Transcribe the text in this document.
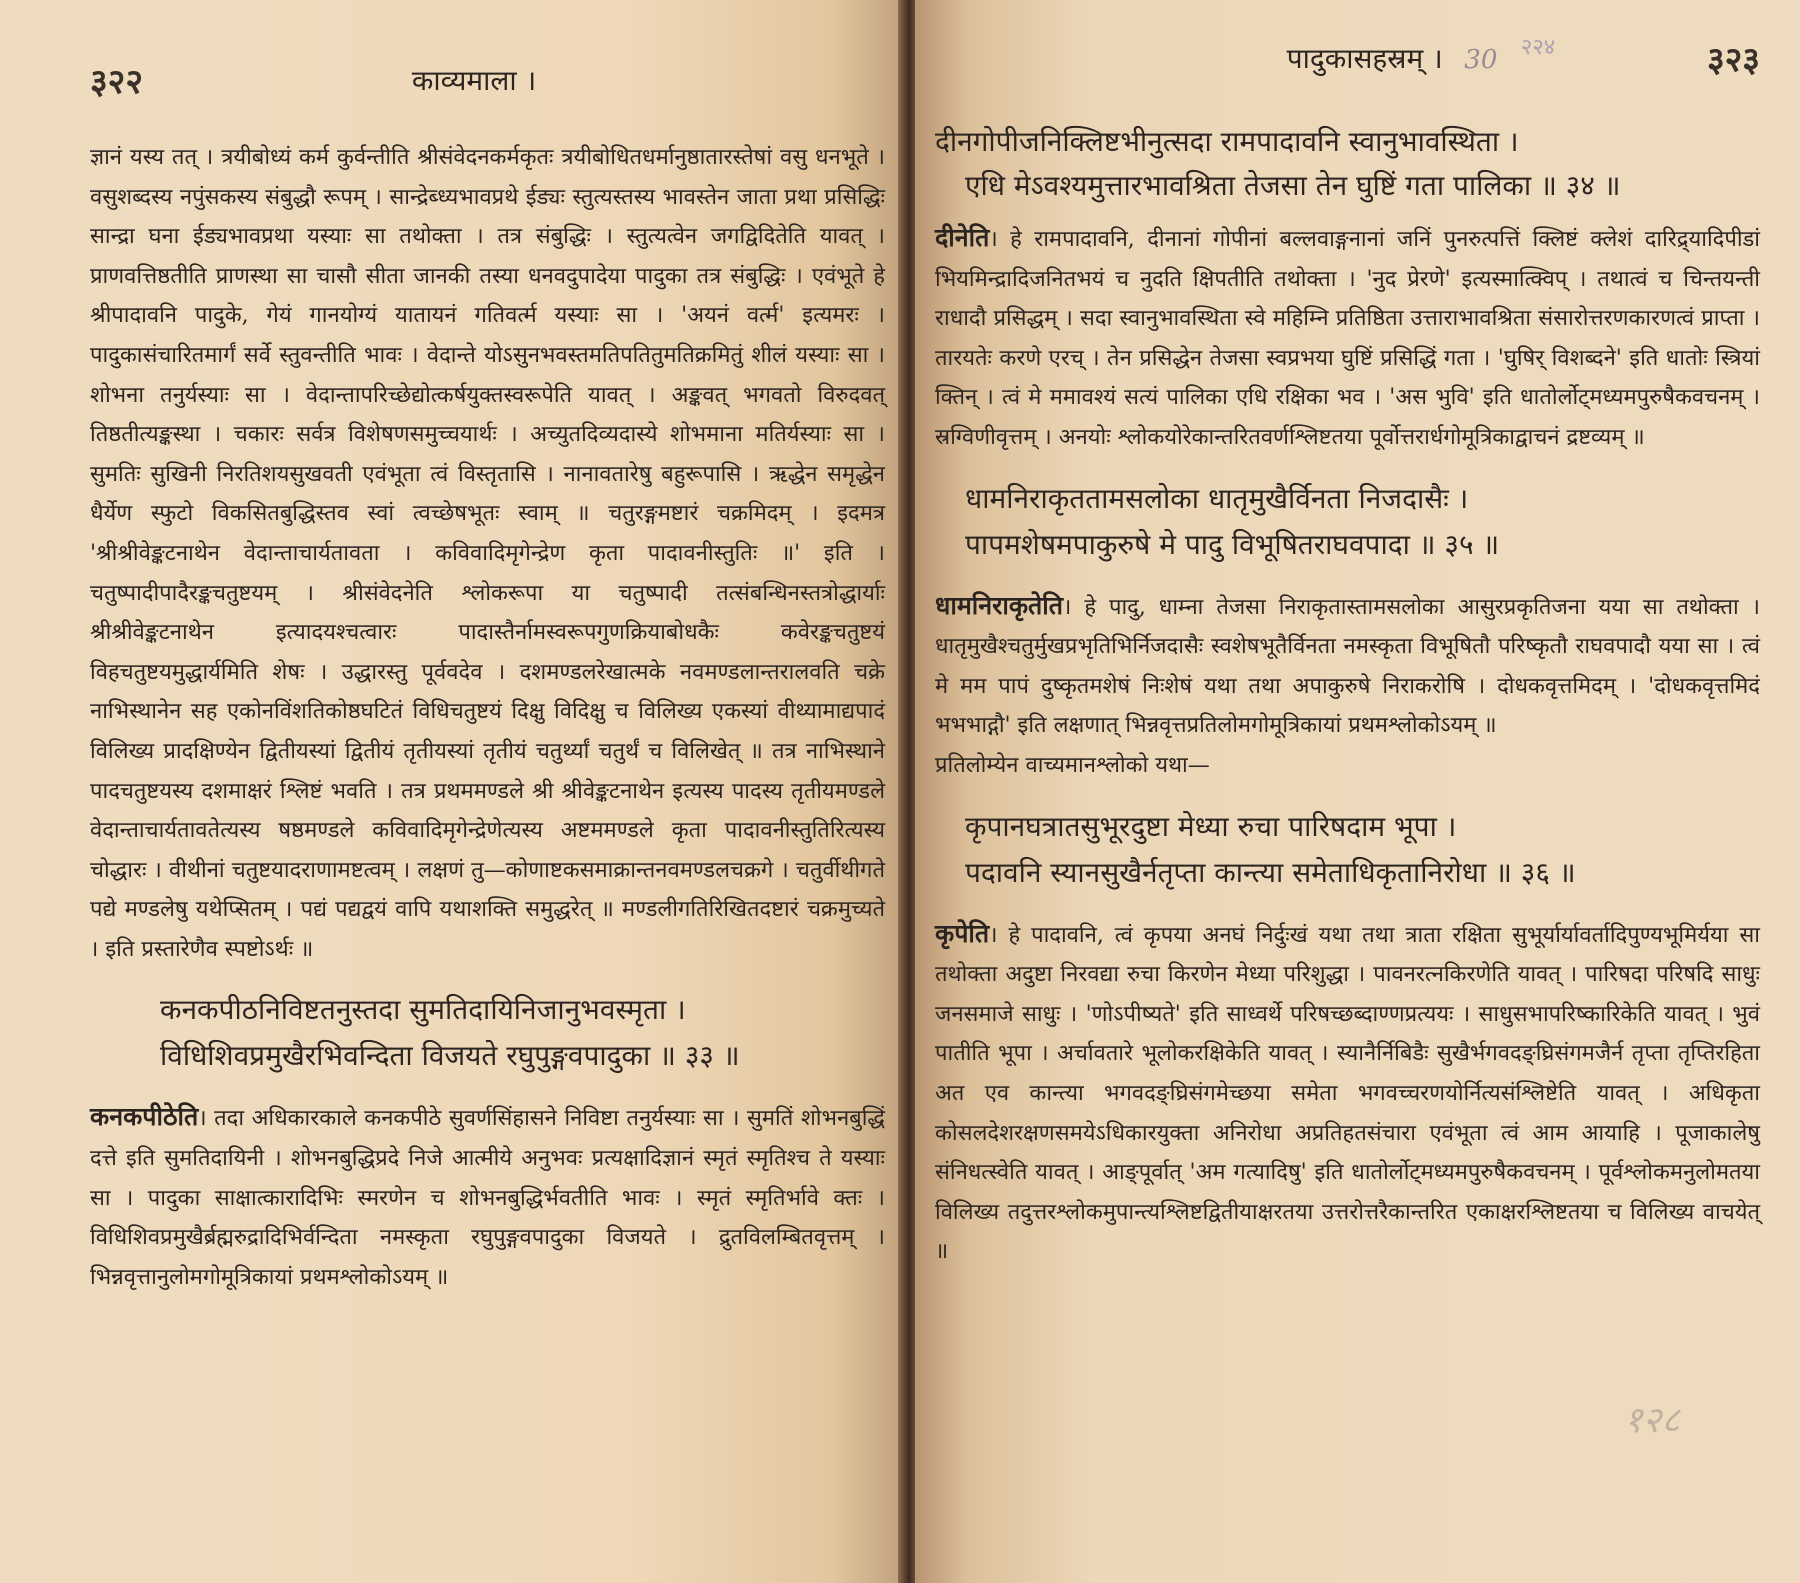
३२२	काव्यमाला ।

ज्ञानं यस्य तत् । त्रयीबोध्यं कर्म कुर्वन्तीति श्रीसंवेदनकर्मकृतः त्रयीबोधितधर्मानुष्ठातारस्तेषां वसु धनभूते । वसुशब्दस्य नपुंसकस्य संबुद्धौ रूपम् । सान्द्रेब्ध्यभावप्रथे ईड्यः स्तुत्यस्तस्य भावस्तेन जाता प्रथा प्रसिद्धिः सान्द्रा घना ईड्यभावप्रथा यस्याः सा तथोक्ता । तत्र संबुद्धिः । स्तुत्यत्वेन जगद्विदितेति यावत् । प्राणवत्तिष्ठतीति प्राणस्था सा चासौ सीता जानकी तस्या धनवदुपादेया पादुका तत्र संबुद्धिः । एवंभूते हे श्रीपादावनि पादुके, गेयं गानयोग्यं यातायनं गतिवर्त्म यस्याः सा । 'अयनं वर्त्म' इत्यमरः । पादुकासंचारितमार्गं सर्वे स्तुवन्तीति भावः । वेदान्ते योऽसुनभवस्तमतिपतितुमतिक्रमितुं शीलं यस्याः सा । शोभना तनुर्यस्याः सा । वेदान्तापरिच्छेद्योत्कर्षयुक्तस्वरूपेति यावत् । अङ्कवत् भगवतो विरुदवत् तिष्ठतीत्यङ्कस्था । चकारः सर्वत्र विशेषणसमुच्चयार्थः । अच्युतदिव्यदास्ये शोभमाना मतिर्यस्याः सा । सुमतिः सुखिनी निरतिशयसुखवती एवंभूता त्वं विस्तृतासि । नानावतारेषु बहुरूपासि । ऋद्धेन समृद्धेन धैर्येण स्फुटो विकसितबुद्धिस्तव स्वां त्वच्छेषभूतः स्वाम् ॥ चतुरङ्गमष्टारं चक्रमिदम् । इदमत्र 'श्रीश्रीवेङ्कटनाथेन वेदान्ताचार्यतावता । कविवादिमृगेन्द्रेण कृता पादावनीस्तुतिः ॥' इति । चतुष्पादीपादैरङ्कचतुष्टयम् । श्रीसंवेदनेति श्लोकरूपा या चतुष्पादी तत्संबन्धिनस्तत्रोद्धार्याः श्रीश्रीवेङ्कटनाथेन इत्यादयश्चत्वारः पादास्तैर्नामस्वरूपगुणक्रियाबोधकैः कवेरङ्कचतुष्टयं विहचतुष्टयमुद्धार्यमिति शेषः । उद्धारस्तु पूर्ववदेव । दशमण्डलरेखात्मके नवमण्डलान्तरालवति चक्रे नाभिस्थानेन सह एकोनविंशतिकोष्ठघटितं विधिचतुष्टयं दिक्षु विदिक्षु च विलिख्य एकस्यां वीथ्यामाद्यपादं विलिख्य प्रादक्षिण्येन द्वितीयस्यां द्वितीयं तृतीयस्यां तृतीयं चतुर्थ्यां चतुर्थं च विलिखेत् ॥ तत्र नाभिस्थाने पादचतुष्टयस्य दशमाक्षरं श्लिष्टं भवति । तत्र प्रथममण्डले श्री श्रीवेङ्कटनाथेन इत्यस्य पादस्य तृतीयमण्डले वेदान्ताचार्यतावतेत्यस्य षष्ठमण्डले कविवादिमृगेन्द्रेणेत्यस्य अष्टममण्डले कृता पादावनीस्तुतिरित्यस्य चोद्धारः । वीथीनां चतुष्टयादराणामष्टत्वम् । लक्षणं तु—कोणाष्टकसमाक्रान्तनवमण्डलचक्रगे । चतुर्वीथीगते पद्ये मण्डलेषु यथेप्सितम् । पद्यं पद्यद्वयं वापि यथाशक्ति समुद्धरेत् ॥ मण्डलीगतिरिखितदष्टारं चक्रमुच्यते । इति प्रस्तारेणैव स्पष्टोऽर्थः ॥

कनकपीठनिविष्टतनुस्तदा सुमतिदायिनिजानुभवस्मृता ।
विधिशिवप्रमुखैरभिवन्दिता विजयते रघुपुङ्गवपादुका ॥ ३३ ॥

कनकपीठेति। तदा अधिकारकाले कनकपीठे सुवर्णसिंहासने निविष्टा तनुर्यस्याः सा । सुमतिं शोभनबुद्धिं दत्ते इति सुमतिदायिनी । शोभनबुद्धिप्रदे निजे आत्मीये अनुभवः प्रत्यक्षादिज्ञानं स्मृतं स्मृतिश्च ते यस्याः सा । पादुका साक्षात्कारादिभिः स्मरणेन च शोभनबुद्धिर्भवतीति भावः । स्मृतं स्मृतिर्भावे क्तः । विधिशिवप्रमुखैर्ब्रह्मरुद्रादिभिर्वन्दिता नमस्कृता रघुपुङ्गवपादुका विजयते । द्रुतविलम्बितवृत्तम् । भिन्नवृत्तानुलोमगोमूत्रिकायां प्रथमश्लोकोऽयम् ॥

पादुकासहस्रम् । 30 $^{२२४}$	३२३
दीनगोपीजनिक्लिष्टभीनुत्सदा रामपादावनि स्वानुभावस्थिता ।
एधि मेऽवश्यमुत्तारभावश्रिता तेजसा तेन घुष्टिं गता पालिका ॥ ३४ ॥

दीनेति। हे रामपादावनि, दीनानां गोपीनां बल्लवाङ्गनानां जनिं पुनरुत्पत्तिं क्लिष्टं क्लेशं दारिद्र्यादिपीडां भियमिन्द्रादिजनितभयं च नुदति क्षिपतीति तथोक्ता । 'नुद प्रेरणे' इत्यस्मात्क्विप् । तथात्वं च चिन्तयन्ती राधादौ प्रसिद्धम् । सदा स्वानुभावस्थिता स्वे महिम्नि प्रतिष्ठिता उत्ताराभावश्रिता संसारोत्तरणकारणत्वं प्राप्ता । तारयतेः करणे एरच् । तेन प्रसिद्धेन तेजसा स्वप्रभया घुष्टिं प्रसिद्धिं गता । 'घुषिर् विशब्दने' इति धातोः स्त्रियां क्तिन् । त्वं मे ममावश्यं सत्यं पालिका एधि रक्षिका भव । 'अस भुवि' इति धातोर्लोट्मध्यमपुरुषैकवचनम् । स्रग्विणीवृत्तम् । अनयोः श्लोकयोरेकान्तरितवर्णश्लिष्टतया पूर्वोत्तरार्धगोमूत्रिकाद्वाचनं द्रष्टव्यम् ॥

धामनिराकृततामसलोका धातृमुखैर्विनता निजदासैः ।
पापमशेषमपाकुरुषे मे पादु विभूषितराघवपादा ॥ ३५ ॥

धामनिराकृतेति। हे पादु, धाम्ना तेजसा निराकृतास्तामसलोका आसुरप्रकृतिजना यया सा तथोक्ता । धातृमुखैश्चतुर्मुखप्रभृतिभिर्निजदासैः स्वशेषभूतैर्विनता नमस्कृता विभूषितौ परिष्कृतौ राघवपादौ यया सा । त्वं मे मम पापं दुष्कृतमशेषं निःशेषं यथा तथा अपाकुरुषे निराकरोषि । दोधकवृत्तमिदम् । 'दोधकवृत्तमिदं भभभाद्गौ' इति लक्षणात् भिन्नवृत्तप्रतिलोमगोमूत्रिकायां प्रथमश्लोकोऽयम् ॥

प्रतिलोम्येन वाच्यमानश्लोको यथा—

कृपानघत्रातसुभूरदुष्टा मेध्या रुचा पारिषदाम भूपा ।
पदावनि स्यानसुखैर्नतृप्ता कान्त्या समेताधिकृतानिरोधा ॥ ३६ ॥

कृपेति। हे पादावनि, त्वं कृपया अनघं निर्दुःखं यथा तथा त्राता रक्षिता सुभूर्यार्यावर्तादिपुण्यभूमिर्यया सा तथोक्ता अदुष्टा निरवद्या रुचा किरणेन मेध्या परिशुद्धा । पावनरत्नकिरणेति यावत् । पारिषदा परिषदि साधुः जनसमाजे साधुः । 'णोऽपीष्यते' इति साध्वर्थे परिषच्छब्दाण्णप्रत्ययः । साधुसभापरिष्कारिकेति यावत् । भुवं पातीति भूपा । अर्चावतारे भूलोकरक्षिकेति यावत् । स्यानैर्निबिडैः सुखैर्भगवदङ्घ्रिसंगमजैर्न तृप्ता तृप्तिरहिता अत एव कान्त्या भगवदङ्घ्रिसंगमेच्छया समेता भगवच्चरणयोर्नित्यसंश्लिष्टेति यावत् । अधिकृता कोसलदेशरक्षणसमयेऽधिकारयुक्ता अनिरोधा अप्रतिहतसंचारा एवंभूता त्वं आम आयाहि । पूजाकालेषु संनिधत्स्वेति यावत् । आङ्पूर्वात् 'अम गत्यादिषु' इति धातोर्लोट्मध्यमपुरुषैकवचनम् । पूर्वश्लोकमनुलोमतया विलिख्य तदुत्तरश्लोकमुपान्त्यश्लिष्टद्वितीयाक्षरतया उत्तरोत्तरैकान्तरित एकाक्षरश्लिष्टतया च विलिख्य वाचयेत् ॥

१२८
